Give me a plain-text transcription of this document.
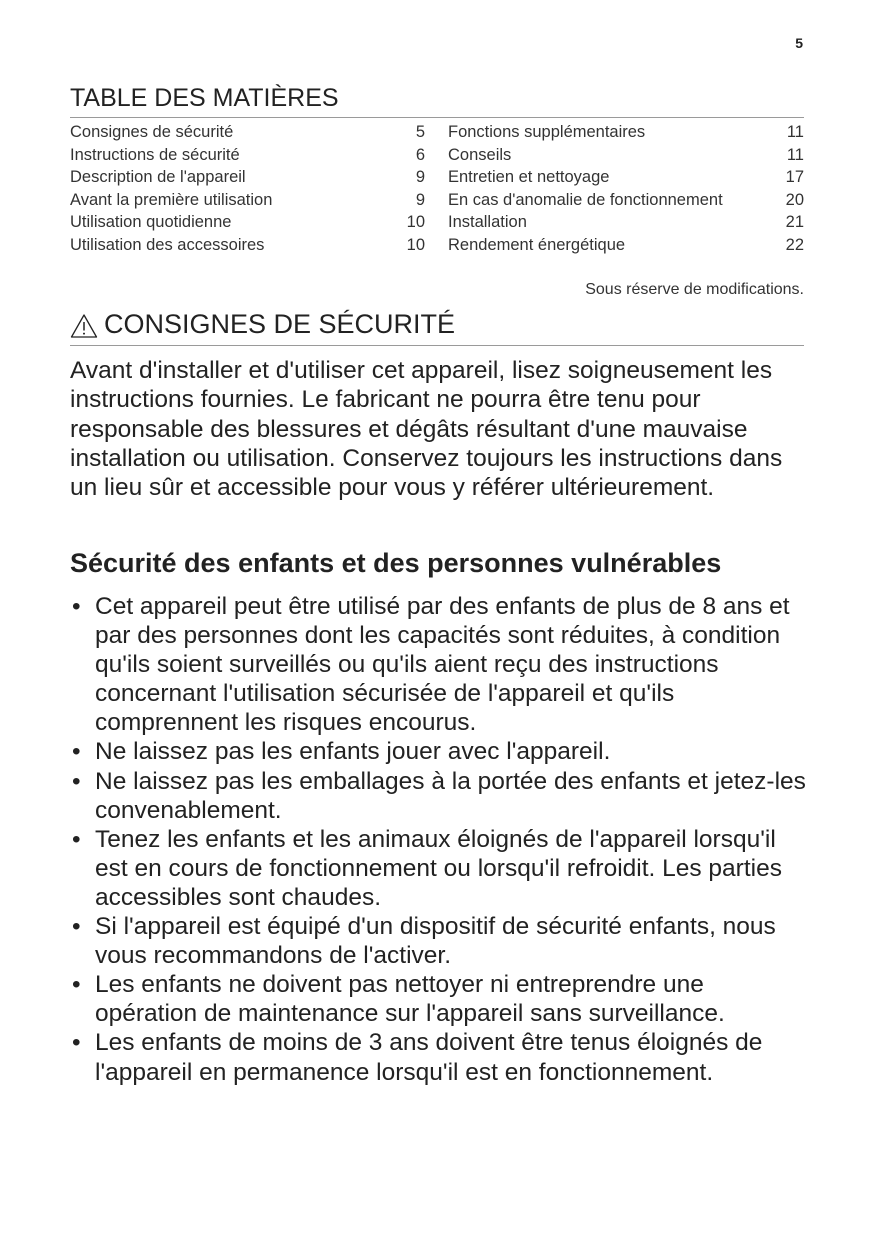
5
TABLE DES MATIÈRES
Consignes de sécurité	5
Instructions de sécurité	6
Description de l'appareil	9
Avant la première utilisation	9
Utilisation quotidienne	10
Utilisation des accessoires	10
Fonctions supplémentaires	11
Conseils	11
Entretien et nettoyage	17
En cas d'anomalie de fonctionnement	20
Installation	21
Rendement énergétique	22
Sous réserve de modifications.
CONSIGNES DE SÉCURITÉ

Avant d'installer et d'utiliser cet appareil, lisez soigneusement les instructions fournies. Le fabricant ne pourra être tenu pour responsable des blessures et dégâts résultant d'une mauvaise installation ou utilisation. Conservez toujours les instructions dans un lieu sûr et accessible pour vous y référer ultérieurement.

Sécurité des enfants et des personnes vulnérables
• Cet appareil peut être utilisé par des enfants de plus de 8 ans et par des personnes dont les capacités sont réduites, à condition qu'ils soient surveillés ou qu'ils aient reçu des instructions concernant l'utilisation sécurisée de l'appareil et qu'ils comprennent les risques encourus.
• Ne laissez pas les enfants jouer avec l'appareil.
• Ne laissez pas les emballages à la portée des enfants et jetez-les convenablement.
• Tenez les enfants et les animaux éloignés de l'appareil lorsqu'il est en cours de fonctionnement ou lorsqu'il refroidit. Les parties accessibles sont chaudes.
• Si l'appareil est équipé d'un dispositif de sécurité enfants, nous vous recommandons de l'activer.
• Les enfants ne doivent pas nettoyer ni entreprendre une opération de maintenance sur l'appareil sans surveillance.
• Les enfants de moins de 3 ans doivent être tenus éloignés de l'appareil en permanence lorsqu'il est en fonctionnement.
